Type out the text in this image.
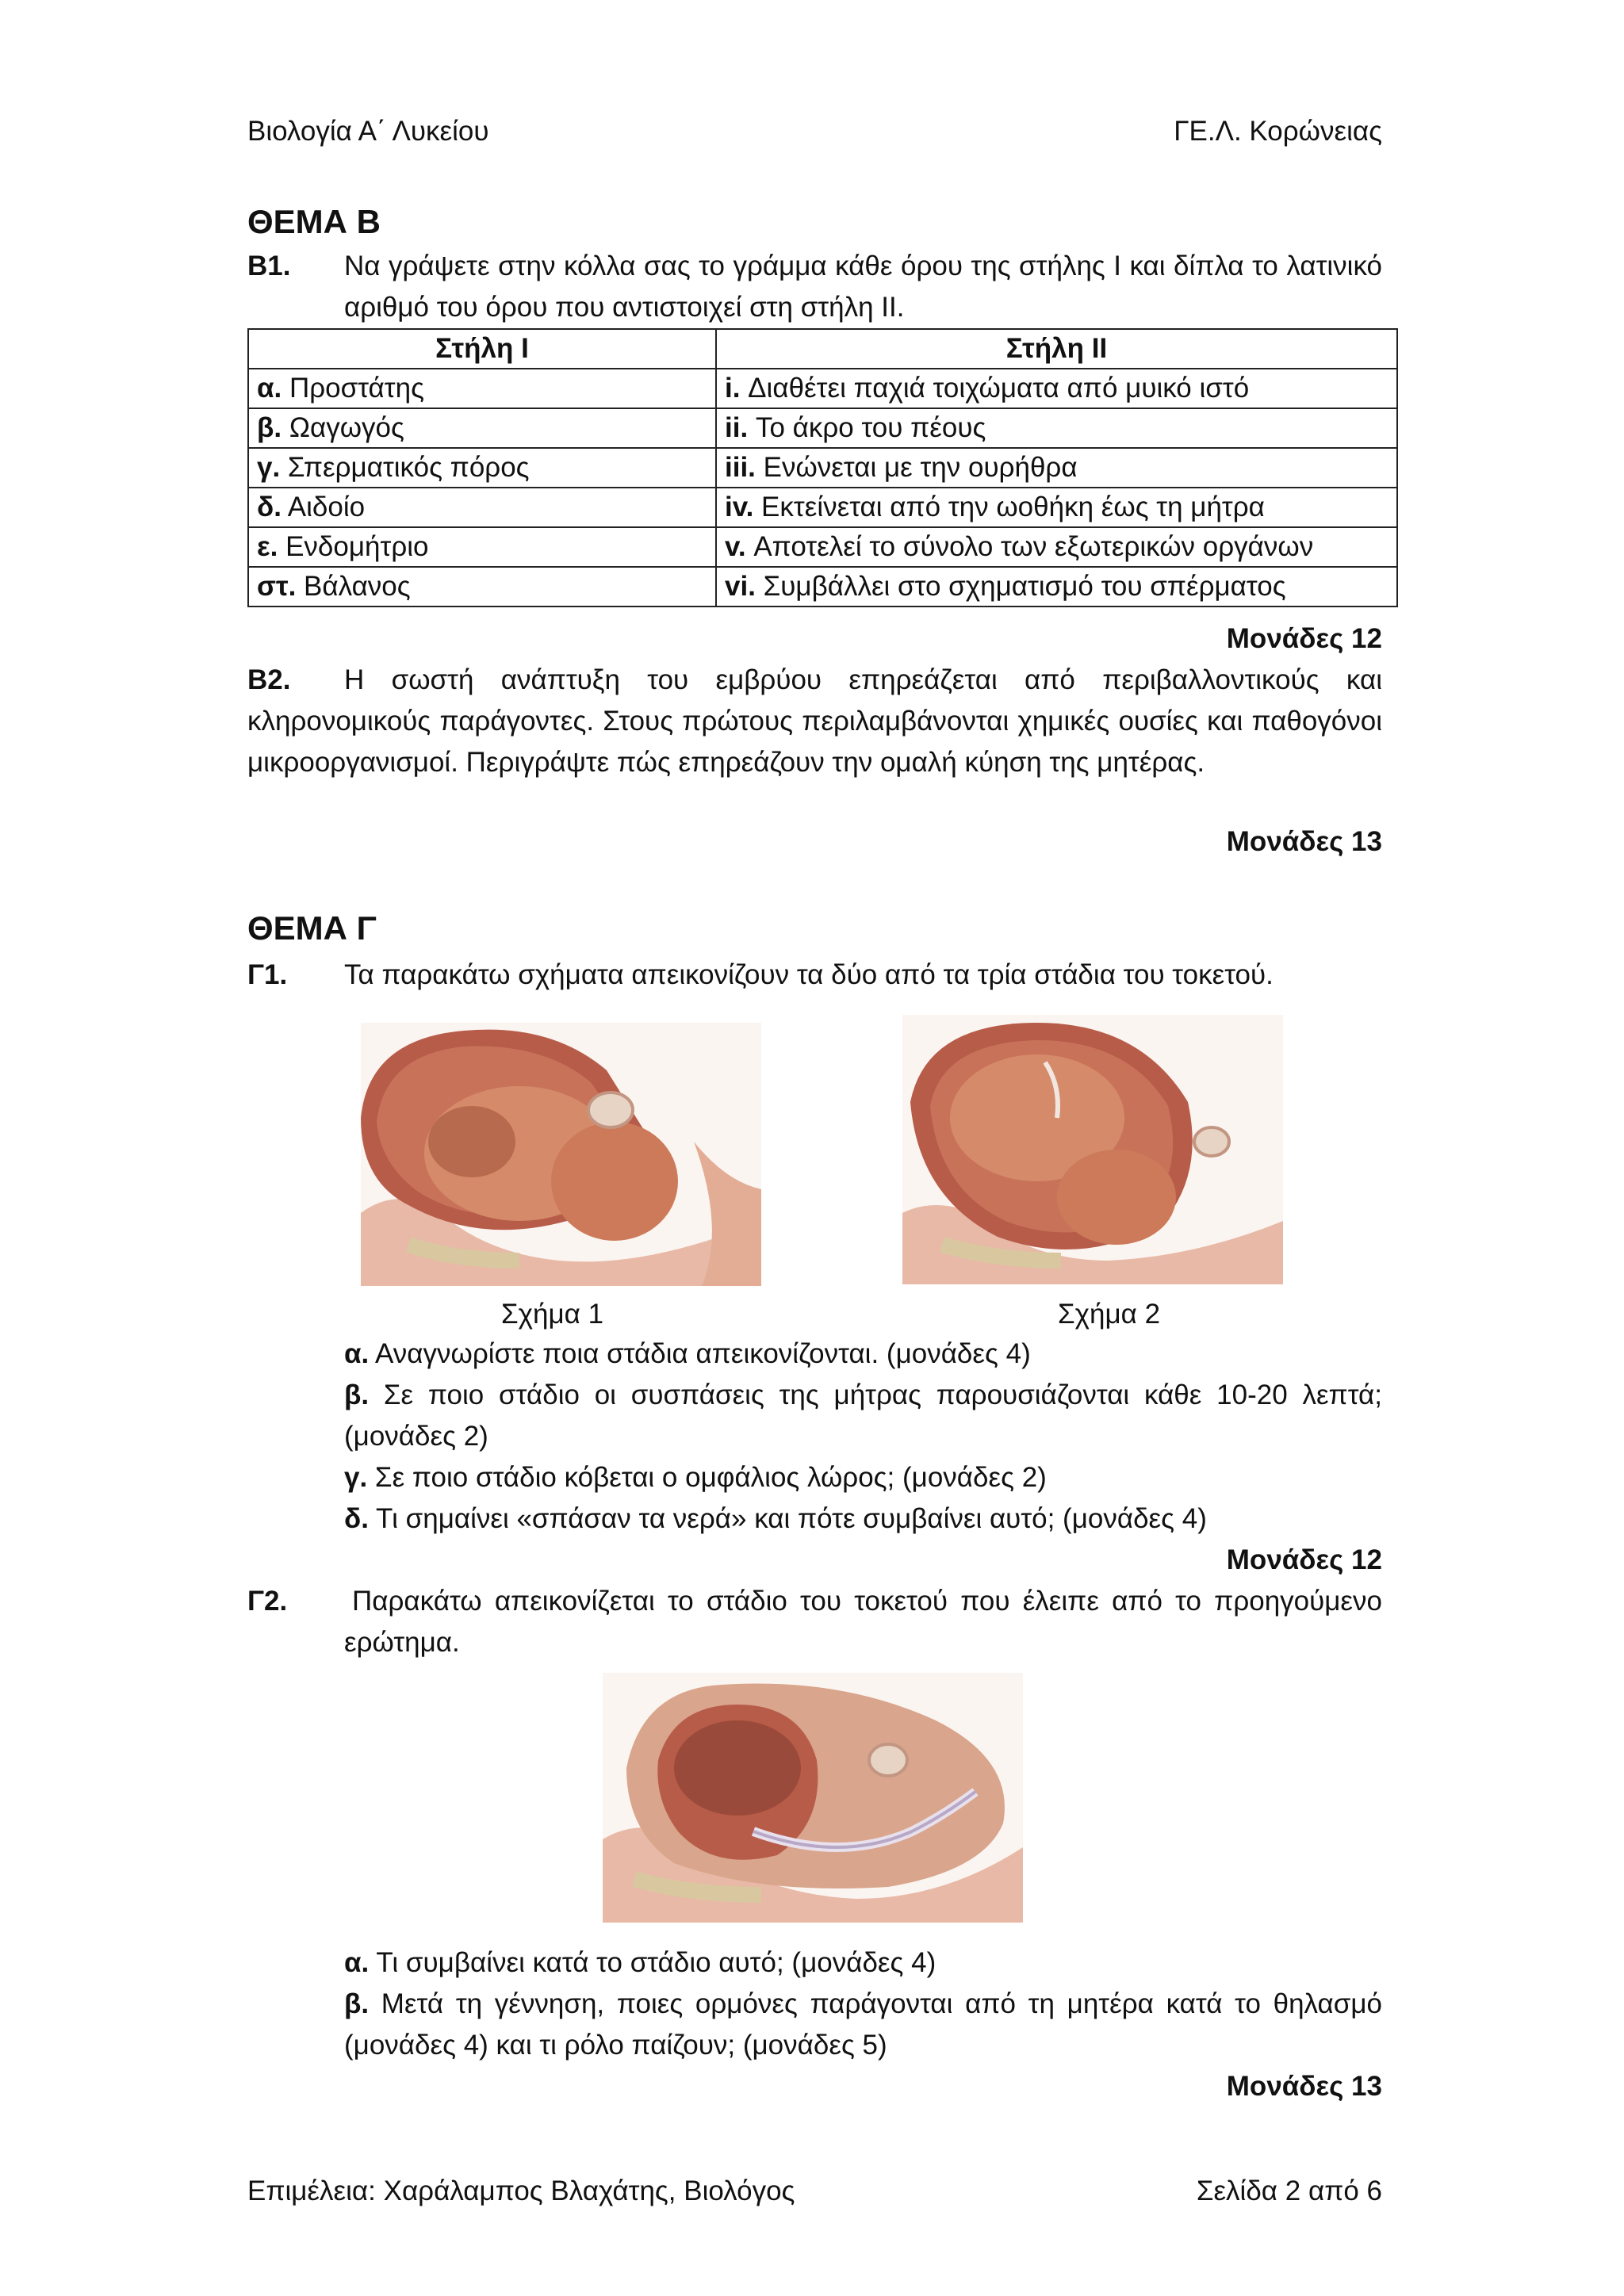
Βιολογία Α΄ Λυκείου	ΓΕ.Λ. Κορώνειας
ΘΕΜΑ Β
Β1. Να γράψετε στην κόλλα σας το γράμμα κάθε όρου της στήλης Ι και δίπλα το λατινικό αριθμό του όρου που αντιστοιχεί στη στήλη ΙΙ.
Στήλη Ι	Στήλη ΙΙ
α. Προστάτης	i. Διαθέτει παχιά τοιχώματα από μυικό ιστό
β. Ωαγωγός	ii. Το άκρο του πέους
γ. Σπερματικός πόρος	iii. Ενώνεται με την ουρήθρα
δ. Αιδοίο	iv. Εκτείνεται από την ωοθήκη έως τη μήτρα
ε. Ενδομήτριο	v. Αποτελεί το σύνολο των εξωτερικών οργάνων
στ. Βάλανος	vi. Συμβάλλει στο σχηματισμό του σπέρματος
Μονάδες 12
Β2. Η σωστή ανάπτυξη του εμβρύου επηρεάζεται από περιβαλλοντικούς και κληρονομικούς παράγοντες. Στους πρώτους περιλαμβάνονται χημικές ουσίες και παθογόνοι μικροοργανισμοί. Περιγράψτε πώς επηρεάζουν την ομαλή κύηση της μητέρας.
Μονάδες 13
ΘΕΜΑ Γ
Γ1. Τα παρακάτω σχήματα απεικονίζουν τα δύο από τα τρία στάδια του τοκετού.
Σχήμα 1	Σχήμα 2
α. Αναγνωρίστε ποια στάδια απεικονίζονται. (μονάδες 4)
β. Σε ποιο στάδιο οι συσπάσεις της μήτρας παρουσιάζονται κάθε 10-20 λεπτά; (μονάδες 2)
γ. Σε ποιο στάδιο κόβεται ο ομφάλιος λώρος; (μονάδες 2)
δ. Τι σημαίνει «σπάσαν τα νερά» και πότε συμβαίνει αυτό; (μονάδες 4)
Μονάδες 12
Γ2. Παρακάτω απεικονίζεται το στάδιο του τοκετού που έλειπε από το προηγούμενο ερώτημα.
α. Τι συμβαίνει κατά το στάδιο αυτό; (μονάδες 4)
β. Μετά τη γέννηση, ποιες ορμόνες παράγονται από τη μητέρα κατά το θηλασμό (μονάδες 4) και τι ρόλο παίζουν; (μονάδες 5)
Μονάδες 13
Επιμέλεια: Χαράλαμπος Βλαχάτης, Βιολόγος	Σελίδα 2 από 6
